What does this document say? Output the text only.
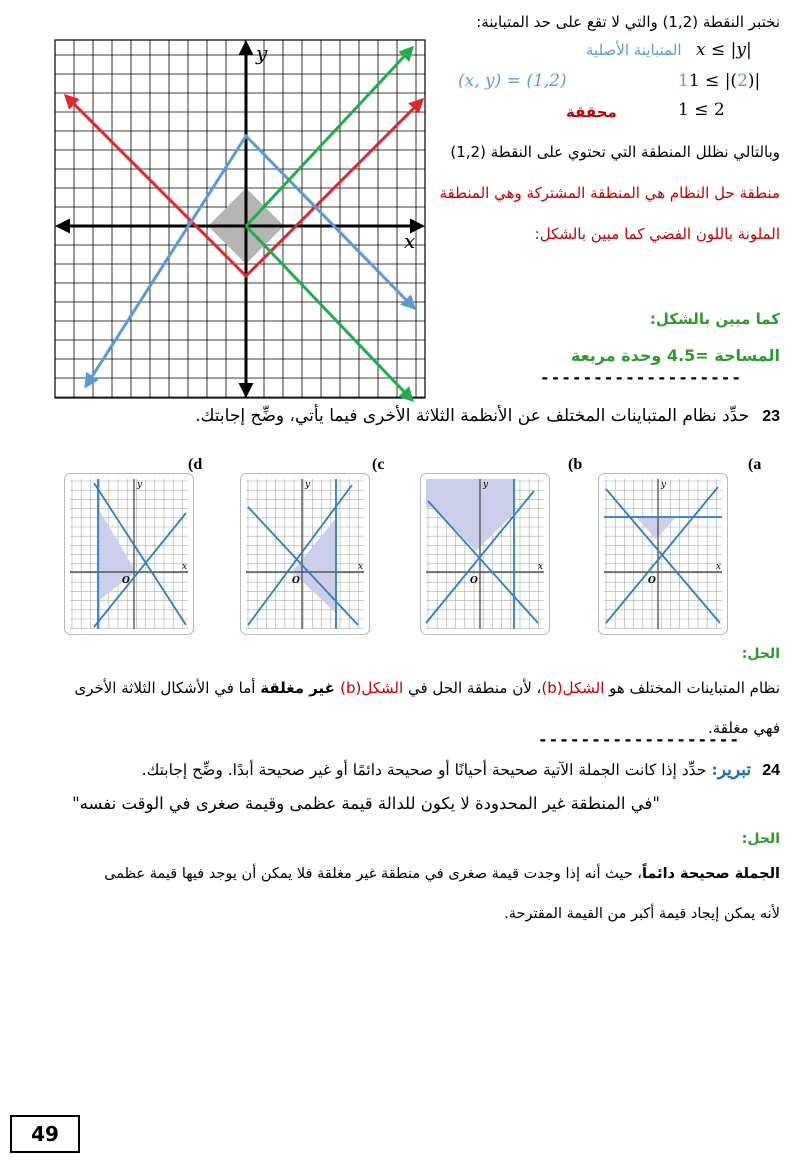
y
x
نختبر النقطة (1,2) والتي لا تقع على حد المتباينة:
المتباينة الأصلية x ≤ |y|
(x, y) = (1,2)	11 ≤ |(2)|
محققة	1 ≤ 2
وبالتالي نظلل المنطقة التي تحتوي على النقطة (1,2)
منطقة حل النظام هي المنطقة المشتركة وهي المنطقة
الملونة باللون الفضي كما مبين بالشكل:
كما مبين بالشكل:
المساحة =4.5 وحدة مربعة
-------------------
23 حدِّد نظام المتباينات المختلف عن الأنظمة الثلاثة الأخرى فيما يأتي، وضِّح إجابتك.
(a
(b
(c
(d
y
x
O
y
x
O
y
x
O
y
x
O
الحل:
نظام المتباينات المختلف هو الشكل(b)، لأن منطقة الحل في الشكل(b) غير مغلقة أما في الأشكال الثلاثة الأخرى
فهي مغلقة.
-------------------
24 تبرير: حدِّد إذا كانت الجملة الآتية صحيحة أحيانًا أو صحيحة دائمًا أو غير صحيحة أبدًا. وضِّح إجابتك.
"في المنطقة غير المحدودة لا يكون للدالة قيمة عظمى وقيمة صغرى في الوقت نفسه"
الحل:
الجملة صحيحة دائماً، حيث أنه إذا وجدت قيمة صغرى في منطقة غير مغلقة فلا يمكن أن يوجد فيها قيمة عظمى
لأنه يمكن إيجاد قيمة أكبر من القيمة المقترحة.
49
